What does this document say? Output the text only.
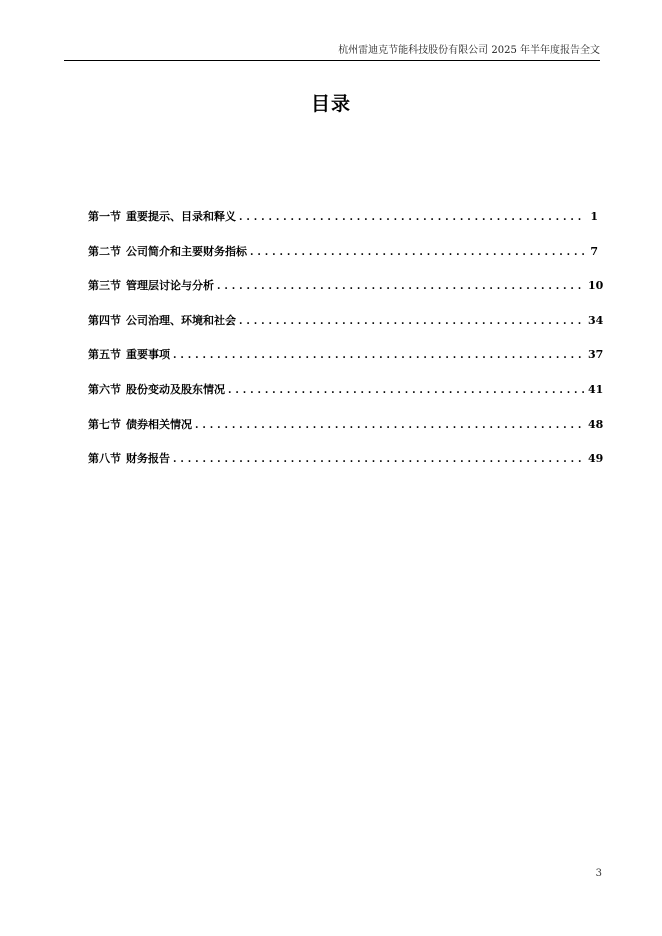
杭州雷迪克节能科技股份有限公司 2025 年半年度报告全文
目录
第一节 重要提示、目录和释义 . . .	1
第二节 公司简介和主要财务指标 . . .	7
第三节 管理层讨论与分析 . . .	10
第四节 公司治理、环境和社会 . . .	34
第五节 重要事项 . . .	37
第六节 股份变动及股东情况 . . .	41
第七节 债券相关情况 . . .	48
第八节 财务报告 . . .	49
3
